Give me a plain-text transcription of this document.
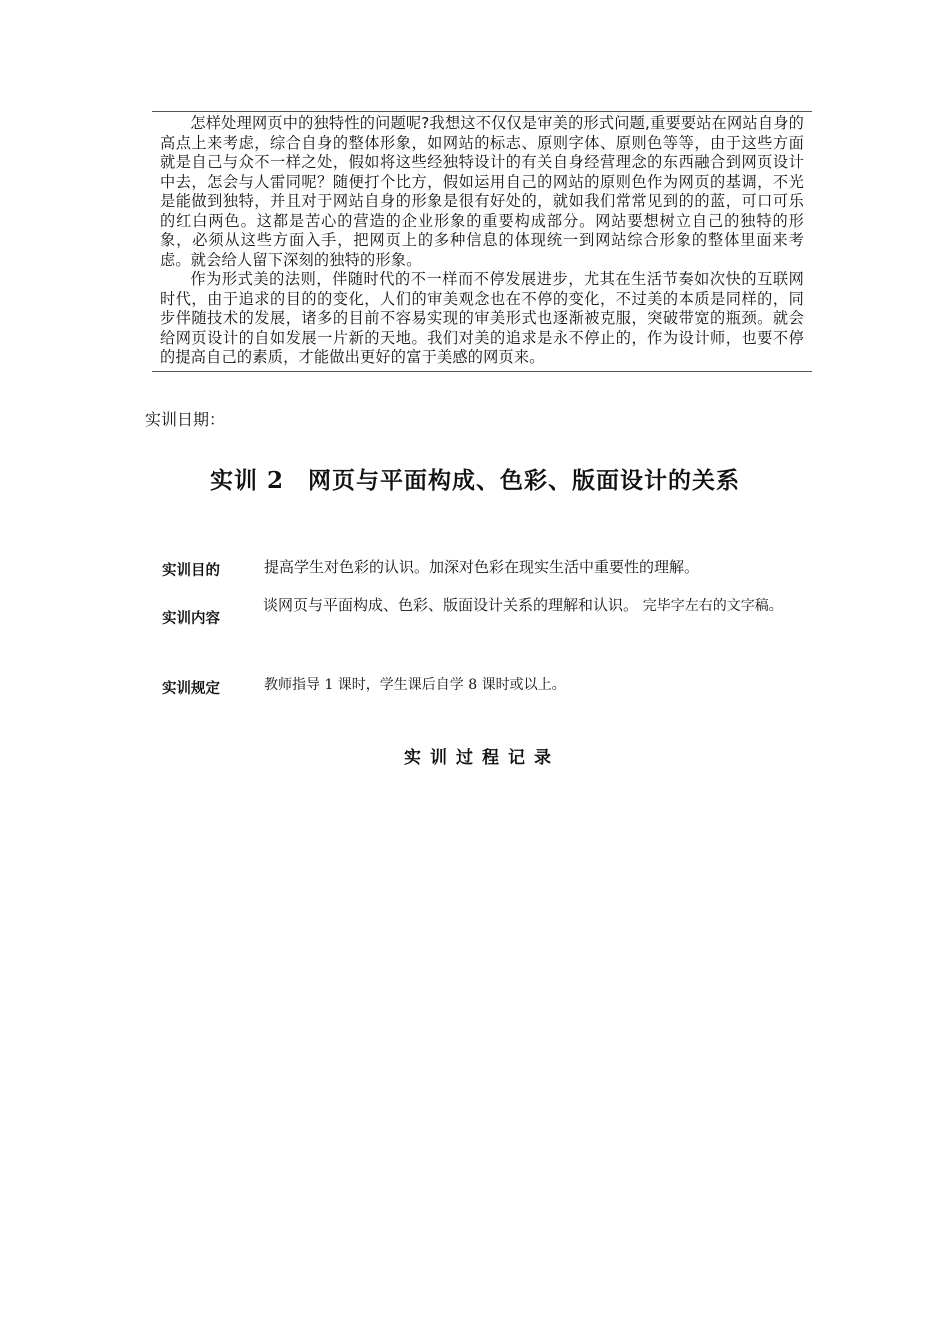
怎样处理网页中的独特性的问题呢?我想这不仅仅是审美的形式问题,重要要站在网站自身的高点上来考虑，综合自身的整体形象，如网站的标志、原则字体、原则色等等，由于这些方面就是自己与众不一样之处，假如将这些经独特设计的有关自身经营理念的东西融合到网页设计中去，怎会与人雷同呢？随便打个比方，假如运用自己的网站的原则色作为网页的基调，不光是能做到独特，并且对于网站自身的形象是很有好处的，就如我们常常见到的的蓝，可口可乐的红白两色。这都是苦心的营造的企业形象的重要构成部分。网站要想树立自己的独特的形象，必须从这些方面入手，把网页上的多种信息的体现统一到网站综合形象的整体里面来考虑。就会给人留下深刻的独特的形象。

作为形式美的法则，伴随时代的不一样而不停发展进步，尤其在生活节奏如次快的互联网时代，由于追求的目的的变化，人们的审美观念也在不停的变化，不过美的本质是同样的，同步伴随技术的发展，诸多的目前不容易实现的审美形式也逐渐被克服，突破带宽的瓶颈。就会给网页设计的自如发展一片新的天地。我们对美的追求是永不停止的，作为设计师，也要不停的提高自己的素质，才能做出更好的富于美感的网页来。

实训日期：
实训 2　网页与平面构成、色彩、版面设计的关系
实训目的	提高学生对色彩的认识。加深对色彩在现实生活中重要性的理解。
实训内容
谈网页与平面构成、色彩、版面设计关系的理解和认识。 完毕字左右的文字稿。
实训规定	教师指导 1 课时，学生课后自学 8 课时或以上。
实训过程记录
